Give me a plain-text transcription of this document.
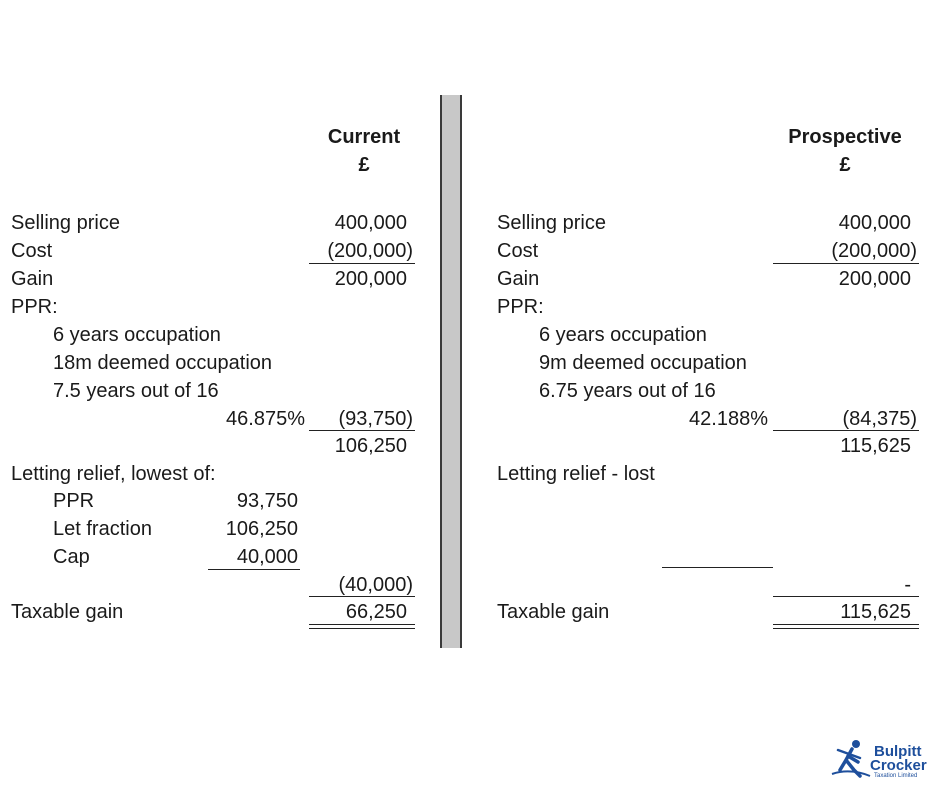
Current
£
Selling price	400,000
Cost	(200,000)
Gain	200,000
PPR:
6 years occupation
18m deemed occupation
7.5 years out of 16
46.875%	(93,750)
106,250
Letting relief, lowest of:
PPR	93,750
Let fraction	106,250
Cap	40,000
(40,000)
Taxable gain	66,250
Prospective
£
Selling price	400,000
Cost	(200,000)
Gain	200,000
PPR:
6 years occupation
9m deemed occupation
6.75 years out of 16
42.188%	(84,375)
115,625
Letting relief - lost
-
Taxable gain	115,625
Bulpitt
Crocker
Taxation Limited
